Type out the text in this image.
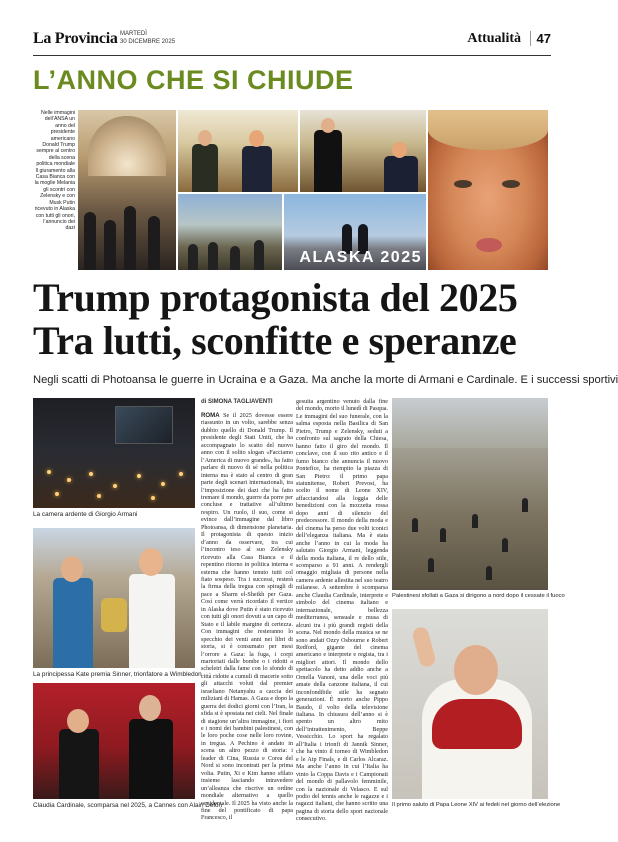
La Provincia MARTEDÌ
30 DICEMBRE 2025	Attualità	47
L’ANNO CHE SI CHIUDE
Nelle immagini dell’ANSA un anno del presidente americano Donald Trump sempre al centro della scena politica mondiale Il giuramento alla Casa Bianca con la moglie Melania gli scontri con Zelensky e con Musk Putin ricevuto in Alaska con tutti gli onori, l’annuncio dei dazi
ALASKA 2025
Trump protagonista del 2025
Tra lutti, sconfitte e speranze
Negli scatti di Photoansa le guerre in Ucraina e a Gaza. Ma anche la morte di Armani e Cardinale. E i successi sportivi
La camera ardente di Giorgio Armani
La principessa Kate premia Sinner, trionfatore a Wimbledon
Claudia Cardinale, scomparsa nel 2025, a Cannes con Alain Delon
di SIMONA TAGLIAVENTI
ROMA Se il 2025 dovesse essere riassunto in un volto, sarebbe senza dubbio quello di Donald Trump. Il presidente degli Stati Uniti, che ha accompagnato lo scatto del nuovo anno con il solito slogan «Facciamo l’America di nuovo grande», ha fatto parlare di nuovo di sé nella politica interna ma è stato al centro di gran parte degli scenari internazionali, tra l’imposizione dei dazi che ha fatto tremare il mondo, guerre da porre per concluse e trattative all’ultimo respiro. Un ruolo, il suo, come si evince dall’immagine dal libro Photoansa, di dimensione planetaria. Il protagonista di questo inizio d’anno da osservare, tra cui l’incontro teso al suo Zelensky ricevuto alla Casa Bianca e il repentino ritorno in politica interna e esterna che hanno tenuto tutti col fiato sospeso. Tra i successi, resterà la firma della tregua con spiragli di pace a Sharm el-Sheikh per Gaza. Così come verrà ricordato il vertice in Alaska dove Putin è stato ricevuto con tutti gli onori dovuti a un capo di Stato e il labile margine di certezza. Con immagini che resteranno lo specchio dei venti anni nei libri di storia, si è consumato per mesi l’orrore a Gaza: la fuga, i corpi martoriati dalle bombe o i ridotti a scheletri dalla fame con lo sfondo di città ridotte a cumuli di macerie sotto gli attacchi voluti dal premier israeliano Netanyahu a caccia dei miliziani di Hamas. A Gaza e dopo la guerra dei dodici giorni con l’Iran, la sfida si è spostata nei cieli. Nel finale di stagione un’altra immagine, i fiori e i nomi dei bambini palestinesi, con le loro poche cose nelle loro rovine, in tregua. A Pechino è andato in scena un altro pezzo di storia: i leader di Cina, Russia e Corea del Nord si sono incontrati per la prima volta. Putin, Xi e Kim hanno sfilato insieme lasciando intravedere un’alleanza che riscrive un ordine mondiale alternativo a quello occidentale. Il 2025 ha visto anche la fine del pontificato di papa Francesco, il
gesuita argentino venuto dalla fine del mondo, morto il lunedì di Pasqua. Le immagini del suo funerale, con la salma esposta nella Basilica di San Pietro, Trump e Zelensky, seduti a confronto sul sagrato della Chiesa, hanno fatto il giro del mondo. Il conclave, con il suo rito antico e il fumo bianco che annuncia il nuovo Pontefice, ha riempito la piazza di San Pietro: il primo papa statunitense, Robert Prevost, ha scelto il nome di Leone XIV, affacciandosi alla loggia delle benedizioni con la mozzetta rossa dopo anni di silenzio del predecessore. Il mondo della moda e del cinema ha perso due volti iconici dell’eleganza italiana. Ma è stata anche l’anno in cui la moda ha salutato Giorgio Armani, leggenda della moda italiana, il re dello stile, scomparso a 91 anni. A rendergli omaggio migliaia di persone nella camera ardente allestita nel suo teatro milanese. A settembre è scomparsa anche Claudia Cardinale, interprete e simbolo del cinema italiano e internazionale, bellezza mediterranea, sensuale e musa di alcuni tra i più grandi registi della scena. Nel mondo della musica se ne sono andati Ozzy Osbourne e Robert Redford, gigante del cinema americano e interprete e regista, tra i migliori attori. Il mondo dello spettacolo ha detto addio anche a Ornella Vanoni, una delle voci più amate della canzone italiana, il cui inconfondibile stile ha segnato generazioni. È morto anche Pippo Baudo, il volto della televisione italiana. In chiusura dell’anno si è spento un altro mito dell’intrattenimento, Beppe Vessicchio. Lo sport ha regalato all’Italia i trionfi di Jannik Sinner, che ha vinto il torneo di Wimbledon e le Atp Finals, e di Carlos Alcaraz. Ma anche l’anno in cui l’Italia ha vinto la Coppa Davis e i Campionati del mondo di pallavolo femminile, con la nazionale di Velasco. E sul podio del tennis anche le ragazze e i ragazzi italiani, che hanno scritto una pagina di storia dello sport nazionale consecutivo.
Palestinesi sfollati a Gaza si dirigono a nord dopo il cessate il fuoco
Il primo saluto di Papa Leone XIV ai fedeli nel giorno dell’elezione
